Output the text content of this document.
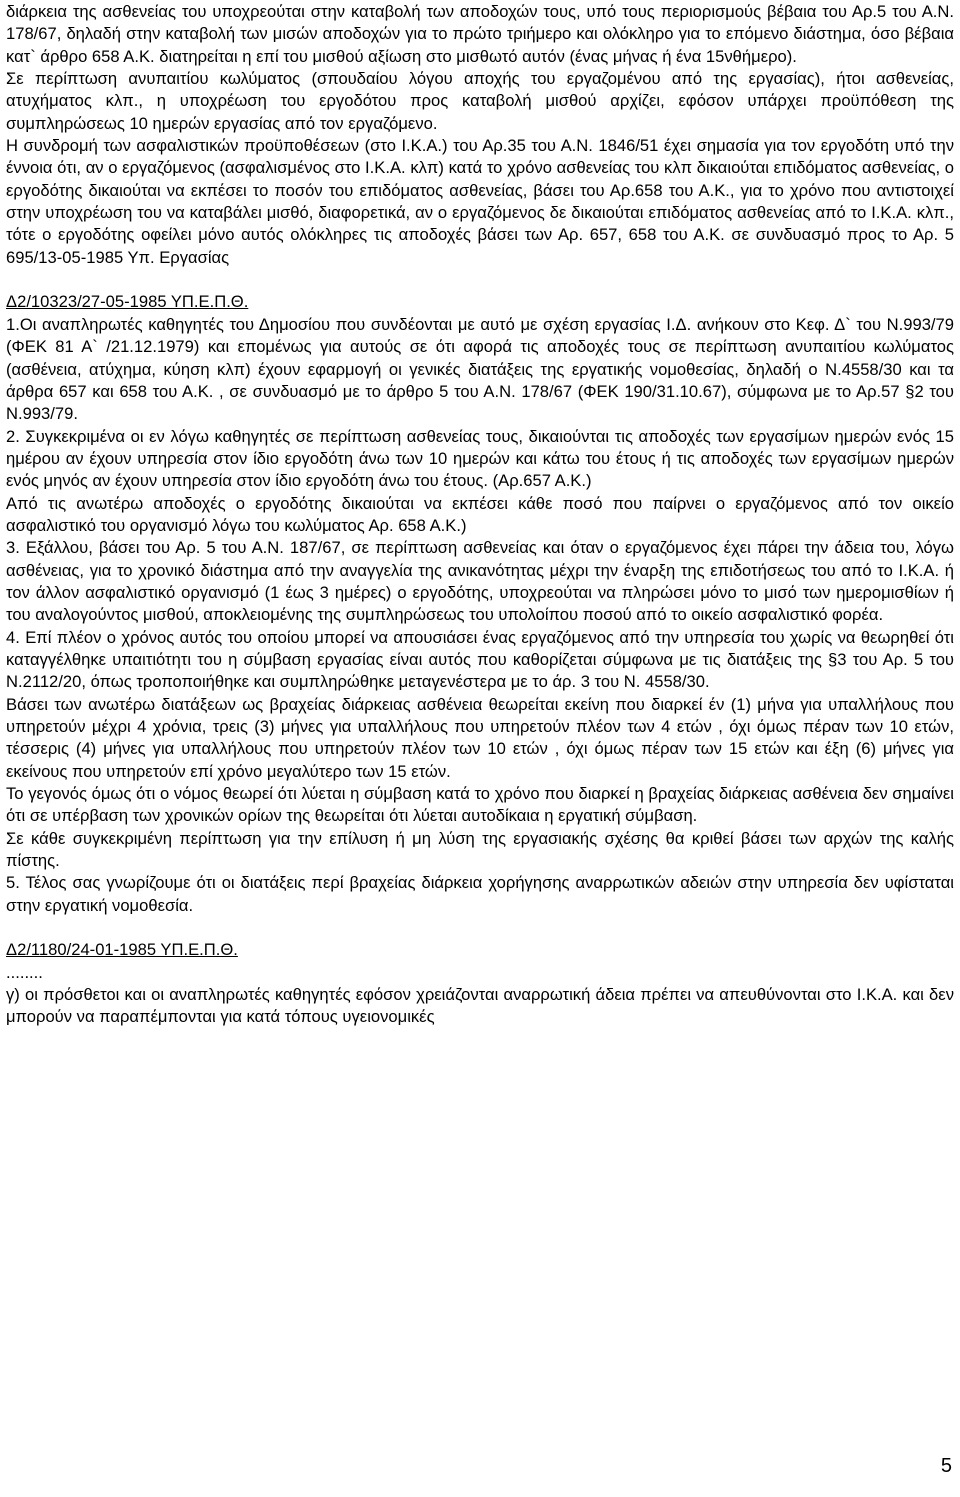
διάρκεια της ασθενείας του υποχρεούται στην καταβολή των αποδοχών τους, υπό τους περιορισμούς βέβαια του Αρ.5 του Α.Ν. 178/67, δηλαδή στην καταβολή των μισών αποδοχών για το πρώτο τριήμερο και ολόκληρο για το επόμενο διάστημα, όσο βέβαια κατ` άρθρο 658 Α.Κ. διατηρείται η επί του μισθού αξίωση στο μισθωτό αυτόν (ένας μήνας ή ένα 15νθήμερο).

Σε περίπτωση ανυπαιτίου κωλύματος (σπουδαίου λόγου αποχής του εργαζομένου από της εργασίας), ήτοι ασθενείας, ατυχήματος κλπ., η υποχρέωση του εργοδότου προς καταβολή μισθού αρχίζει, εφόσον υπάρχει προϋπόθεση της συμπληρώσεως 10 ημερών εργασίας από τον εργαζόμενο.

Η συνδρομή των ασφαλιστικών προϋποθέσεων (στο Ι.Κ.Α.) του Αρ.35 του Α.Ν. 1846/51 έχει σημασία για τον εργοδότη υπό την έννοια ότι, αν ο εργαζόμενος (ασφαλισμένος στο Ι.Κ.Α. κλπ) κατά το χρόνο ασθενείας του κλπ δικαιούται επιδόματος ασθενείας, ο εργοδότης δικαιούται να εκπέσει το ποσόν του επιδόματος ασθενείας, βάσει του Αρ.658 του Α.Κ., για το χρόνο που αντιστοιχεί στην υποχρέωση του να καταβάλει μισθό, διαφορετικά, αν ο εργαζόμενος δε δικαιούται επιδόματος ασθενείας από το Ι.Κ.Α. κλπ., τότε ο εργοδότης οφείλει μόνο αυτός ολόκληρες τις αποδοχές βάσει των Αρ. 657, 658 του Α.Κ. σε συνδυασμό προς το Αρ. 5 695/13-05-1985 Υπ. Εργασίας

Δ2/10323/27-05-1985 ΥΠ.Ε.Π.Θ.

1.Οι αναπληρωτές καθηγητές του Δημοσίου που συνδέονται με αυτό με σχέση εργασίας Ι.Δ. ανήκουν στο Κεφ. Δ` του Ν.993/79 (ΦΕΚ 81 Α` /21.12.1979) και επομένως για αυτούς σε ότι αφορά τις αποδοχές τους σε περίπτωση ανυπαιτίου κωλύματος (ασθένεια, ατύχημα, κύηση κλπ) έχουν εφαρμογή οι γενικές διατάξεις της εργατικής νομοθεσίας, δηλαδή ο Ν.4558/30 και τα άρθρα 657 και 658 του Α.Κ. , σε συνδυασμό με το άρθρο 5 του Α.Ν. 178/67 (ΦΕΚ 190/31.10.67), σύμφωνα με το Αρ.57 §2 του Ν.993/79.

2. Συγκεκριμένα οι εν λόγω καθηγητές σε περίπτωση ασθενείας τους, δικαιούνται τις αποδοχές των εργασίμων ημερών ενός 15 ημέρου αν έχουν υπηρεσία στον ίδιο εργοδότη άνω των 10 ημερών και κάτω του έτους ή τις αποδοχές των εργασίμων ημερών ενός μηνός αν έχουν υπηρεσία στον ίδιο εργοδότη άνω του έτους. (Αρ.657 Α.Κ.)

Από τις ανωτέρω αποδοχές ο εργοδότης δικαιούται να εκπέσει κάθε ποσό που παίρνει ο εργαζόμενος από τον οικείο ασφαλιστικό του οργανισμό λόγω του κωλύματος Αρ. 658 Α.Κ.)

3. Εξάλλου, βάσει του Αρ. 5 του Α.Ν. 187/67, σε περίπτωση ασθενείας και όταν ο εργαζόμενος έχει πάρει την άδεια του, λόγω ασθένειας, για το χρονικό διάστημα από την αναγγελία της ανικανότητας μέχρι την έναρξη της επιδοτήσεως του από το Ι.Κ.Α. ή τον άλλον ασφαλιστικό οργανισμό (1 έως 3 ημέρες) ο εργοδότης, υποχρεούται να πληρώσει μόνο το μισό των ημερομισθίων ή του αναλογούντος μισθού, αποκλειομένης της συμπληρώσεως του υπολοίπου ποσού από το οικείο ασφαλιστικό φορέα.

4. Επί πλέον ο χρόνος αυτός του οποίου μπορεί να απουσιάσει ένας εργαζόμενος από την υπηρεσία του χωρίς να θεωρηθεί ότι καταγγέλθηκε υπαιτιότητι του η σύμβαση εργασίας είναι αυτός που καθορίζεται σύμφωνα με τις διατάξεις της §3 του Αρ. 5 του Ν.2112/20, όπως τροποποιήθηκε και συμπληρώθηκε μεταγενέστερα με το άρ. 3 του Ν. 4558/30.

Βάσει των ανωτέρω διατάξεων ως βραχείας διάρκειας ασθένεια θεωρείται εκείνη που διαρκεί έν (1) μήνα για υπαλλήλους που υπηρετούν μέχρι 4 χρόνια, τρεις (3) μήνες για υπαλλήλους που υπηρετούν πλέον των 4 ετών , όχι όμως πέραν των 10 ετών, τέσσερις (4) μήνες για υπαλλήλους που υπηρετούν πλέον των 10 ετών , όχι όμως πέραν των 15 ετών και έξη (6) μήνες για εκείνους που υπηρετούν επί χρόνο μεγαλύτερο των 15 ετών.

Το γεγονός όμως ότι ο νόμος θεωρεί ότι λύεται η σύμβαση κατά το χρόνο που διαρκεί η βραχείας διάρκειας ασθένεια δεν σημαίνει ότι σε υπέρβαση των χρονικών ορίων της θεωρείται ότι λύεται αυτοδίκαια η εργατική σύμβαση.

Σε κάθε συγκεκριμένη περίπτωση για την επίλυση ή μη λύση της εργασιακής σχέσης θα κριθεί βάσει των αρχών της καλής πίστης.

5. Τέλος σας γνωρίζουμε ότι οι διατάξεις περί βραχείας διάρκεια χορήγησης αναρρωτικών αδειών στην υπηρεσία δεν υφίσταται στην εργατική νομοθεσία.

Δ2/1180/24-01-1985 ΥΠ.Ε.Π.Θ.

........

γ) οι πρόσθετοι και οι αναπληρωτές καθηγητές εφόσον χρειάζονται αναρρωτική άδεια πρέπει να απευθύνονται στο Ι.Κ.Α. και δεν μπορούν να παραπέμπονται για κατά τόπους υγειονομικές

5
